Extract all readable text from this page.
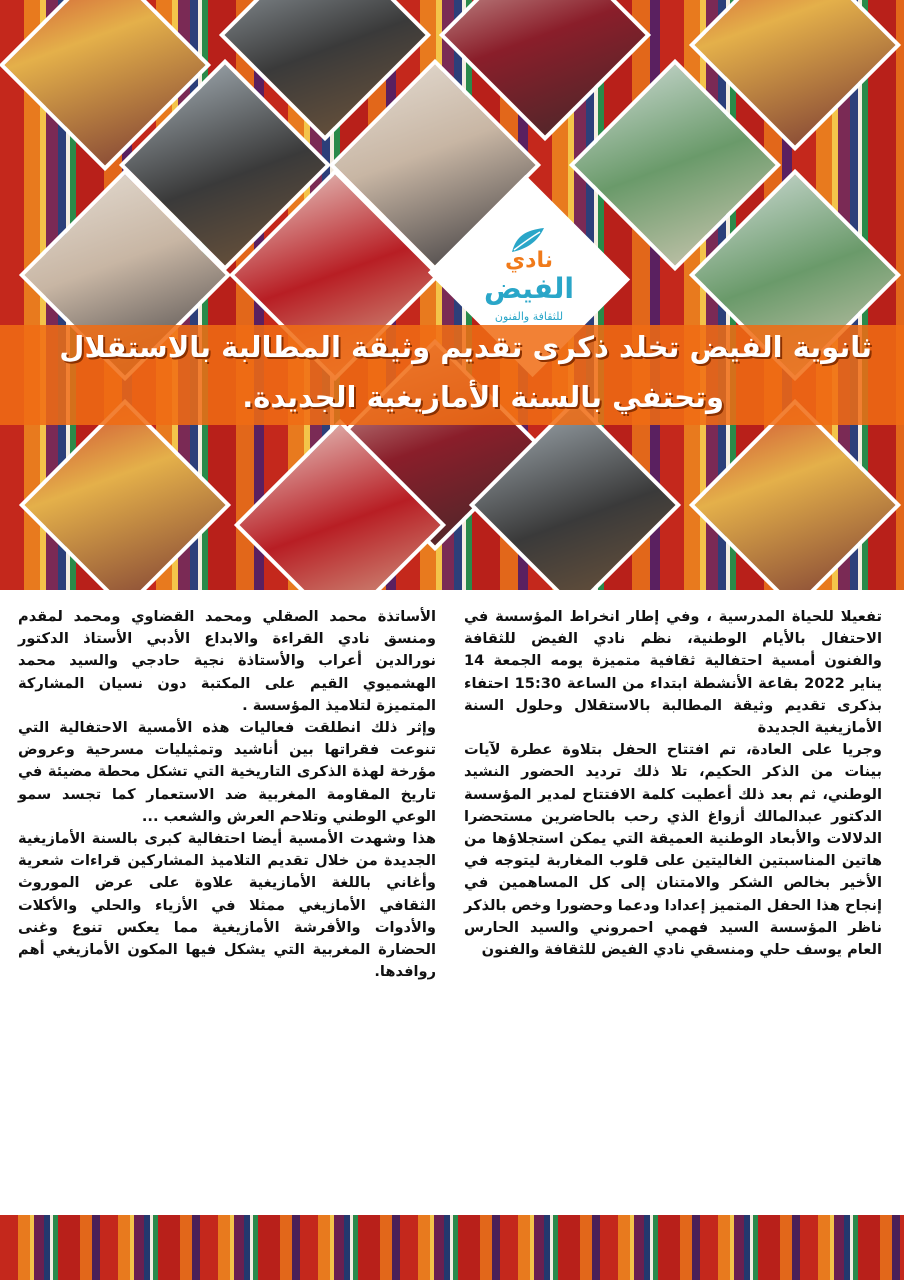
نادي
الفيض
للثقافة والفنون
ثانوية الفيض تخلد ذكرى تقديم وثيقة المطالبة بالاستقلال
وتحتفي بالسنة الأمازيغية الجديدة.

تفعيلا للحياة المدرسية ، وفي إطار انخراط المؤسسة في الاحتفال بالأيام الوطنية، نظم نادي الفيض للثقافة والفنون أمسية احتفالية ثقافية متميزة يومه الجمعة 14 يناير 2022 بقاعة الأنشطة ابتداء من الساعة 15:30 احتفاء بذكرى تقديم وثيقة المطالبة بالاستقلال وحلول السنة الأمازيغية الجديدة

وجريا على العادة، تم افتتاح الحفل بتلاوة عطرة لآيات بينات من الذكر الحكيم، تلا ذلك ترديد الحضور النشيد الوطني، ثم بعد ذلك أعطيت كلمة الافتتاح لمدير المؤسسة الدكتور عبدالمالك أزواغ الذي رحب بالحاضرين مستحضرا الدلالات والأبعاد الوطنية العميقة التي يمكن استجلاؤها من هاتين المناسبتين الغاليتين على قلوب المغاربة ليتوجه في الأخير بخالص الشكر والامتنان إلى كل المساهمين في إنجاح هذا الحفل المتميز إعدادا ودعما وحضورا وخص بالذكر ناظر المؤسسة السيد فهمي احمروني والسيد الحارس العام يوسف حلي ومنسقي نادي الفيض للثقافة والفنون

الأساتذة محمد الصقلي ومحمد القضاوي ومحمد لمقدم ومنسق نادي القراءة والابداع الأدبي الأستاذ الدكتور نورالدين أعراب والأستاذة نجية حادجي والسيد محمد الهشميوي القيم على المكتبة دون نسيان المشاركة المتميزة لتلاميذ المؤسسة .

وإثر ذلك انطلقت فعاليات هذه الأمسية الاحتفالية التي تنوعت فقراتها بين أناشيد وتمثيليات مسرحية وعروض مؤرخة لهذة الذكرى التاريخية التي تشكل محطة مضيئة في تاريخ المقاومة المغربية ضد الاستعمار كما تجسد سمو الوعي الوطني وتلاحم العرش والشعب ...

هذا وشهدت الأمسية أيضا احتفالية كبرى بالسنة الأمازيغية الجديدة من خلال تقديم التلاميذ المشاركين قراءات شعرية وأغاني باللغة الأمازيغية علاوة على عرض الموروث الثقافي الأمازيغي ممثلا في الأزياء والحلي والأكلات والأدوات والأفرشة الأمازيغية مما يعكس تنوع وغنى الحضارة المغربية التي يشكل فيها المكون الأمازيغي أهم روافدها.
